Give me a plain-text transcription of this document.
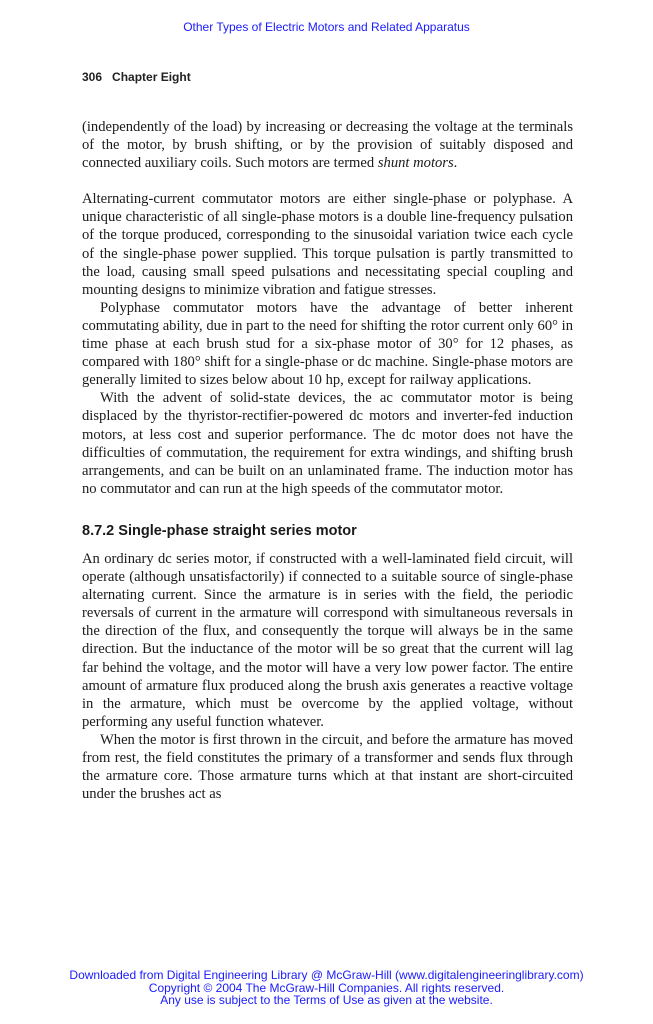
Other Types of Electric Motors and Related Apparatus
306 Chapter Eight

(independently of the load) by increasing or decreasing the voltage at the terminals of the motor, by brush shifting, or by the provision of suitably disposed and connected auxiliary coils. Such motors are termed shunt motors.

Alternating-current commutator motors are either single-phase or polyphase. A unique characteristic of all single-phase motors is a double line-frequency pulsation of the torque produced, corresponding to the sinusoidal variation twice each cycle of the single-phase power supplied. This torque pulsation is partly transmitted to the load, causing small speed pulsations and necessitating special coupling and mounting designs to minimize vibration and fatigue stresses.

Polyphase commutator motors have the advantage of better inherent commutating ability, due in part to the need for shifting the rotor current only 60° in time phase at each brush stud for a six-phase motor of 30° for 12 phases, as compared with 180° shift for a single-phase or dc machine. Single-phase motors are generally limited to sizes below about 10 hp, except for railway applications.

With the advent of solid-state devices, the ac commutator motor is being displaced by the thyristor-rectifier-powered dc motors and inverter-fed induction motors, at less cost and superior performance. The dc motor does not have the difficulties of commutation, the requirement for extra windings, and shifting brush arrangements, and can be built on an unlaminated frame. The induction motor has no commutator and can run at the high speeds of the commutator motor.

8.7.2 Single-phase straight series motor

An ordinary dc series motor, if constructed with a well-laminated field circuit, will operate (although unsatisfactorily) if connected to a suitable source of single-phase alternating current. Since the armature is in series with the field, the periodic reversals of current in the armature will correspond with simultaneous reversals in the direction of the flux, and consequently the torque will always be in the same direction. But the inductance of the motor will be so great that the current will lag far behind the voltage, and the motor will have a very low power factor. The entire amount of armature flux produced along the brush axis generates a reactive voltage in the armature, which must be overcome by the applied voltage, without performing any useful function whatever.

When the motor is first thrown in the circuit, and before the armature has moved from rest, the field constitutes the primary of a transformer and sends flux through the armature core. Those armature turns which at that instant are short-circuited under the brushes act as

Downloaded from Digital Engineering Library @ McGraw-Hill (www.digitalengineeringlibrary.com)
Copyright © 2004 The McGraw-Hill Companies. All rights reserved.
Any use is subject to the Terms of Use as given at the website.
